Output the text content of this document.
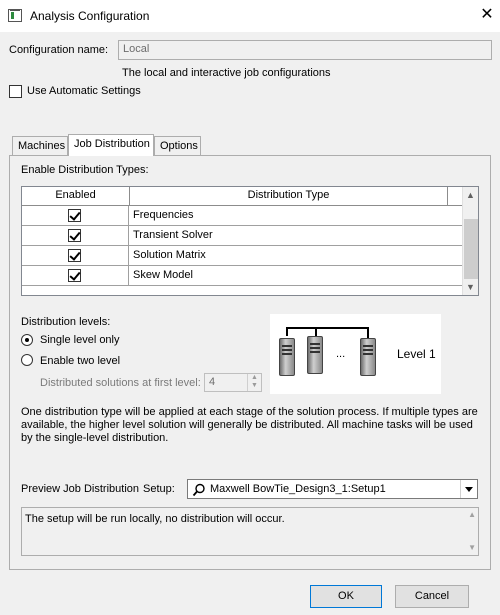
Analysis Configuration	✕
Configuration name:	Local
The local and interactive job configurations
Use Automatic Settings
Machines Job Distribution Options
Enable Distribution Types:
Enabled	Distribution Type
Frequencies
Transient Solver
Solution Matrix
Skew Model
▲
▼
Distribution levels:
Single level only
Enable two level
Distributed solutions at first level: 4	▲
▼
...	Level 1
One distribution type will be applied at each stage of the solution process. If multiple types are available, the higher level solution will generally be distributed. All machine tasks will be used by the single-level distribution.
Preview Job Distribution Setup:	Maxwell BowTie_Design3_1:Setup1
The setup will be run locally, no distribution will occur.	▲
▼
OK	Cancel
